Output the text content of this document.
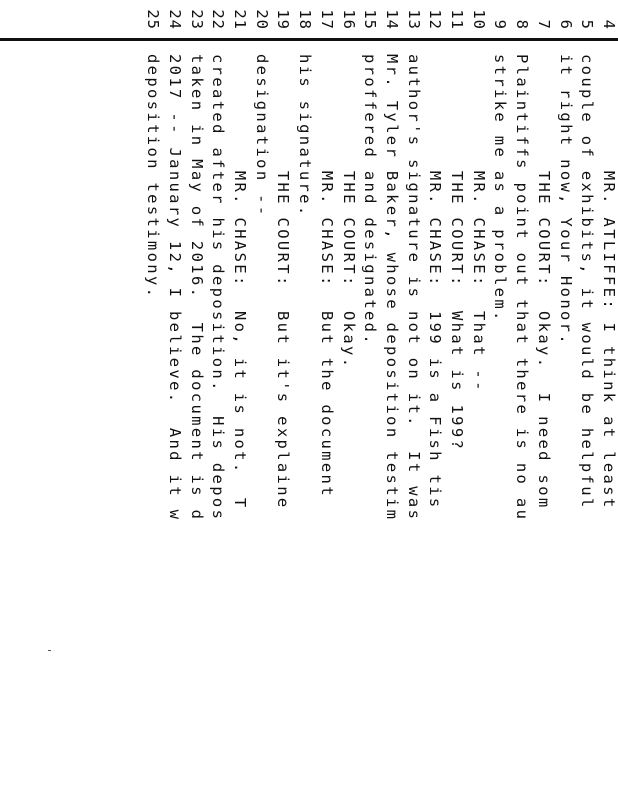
4
MR. ATLIFFE: I think at least
5
couple of exhibits, it would be helpful
6
it right now, Your Honor.
7
THE COURT:  Okay.  I need som
8
Plaintiffs point out that there is no au
9
strike me as a problem.
10
MR. CHASE:  That --
11
THE COURT:  What is 199?
12
MR. CHASE:  199 is a Fish tis
13
author's signature is not on it.  It was
14
Mr. Tyler Baker, whose deposition testim
15
proffered and designated.
16
THE COURT:  Okay.
17
MR. CHASE:  But the document
18
his signature.
19
THE COURT:  But it's explaine
20
designation --
21
MR. CHASE:  No, it is not.  T
22
created after his deposition.  His depos
23
taken in May of 2016.  The document is d
24
2017 -- January 12, I believe.  And it w
25
deposition testimony.
